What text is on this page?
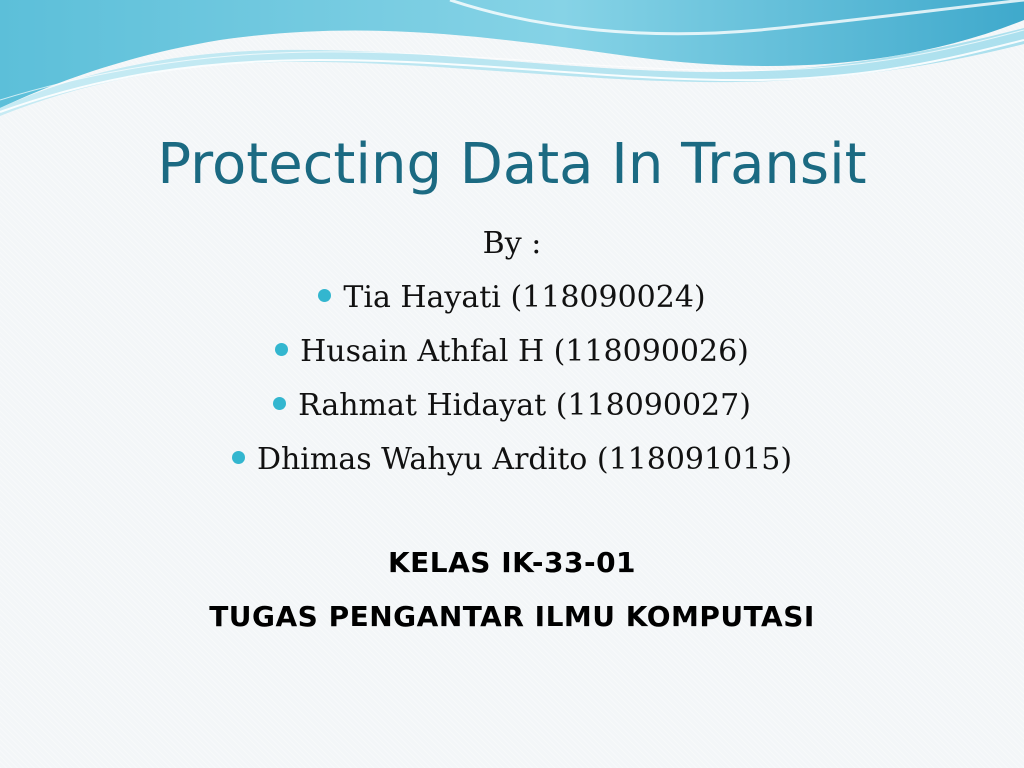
Protecting Data In Transit
By :
Tia Hayati (118090024)
Husain Athfal H (118090026)
Rahmat Hidayat (118090027)
Dhimas Wahyu Ardito (118091015)
KELAS IK-33-01
TUGAS PENGANTAR ILMU KOMPUTASI
